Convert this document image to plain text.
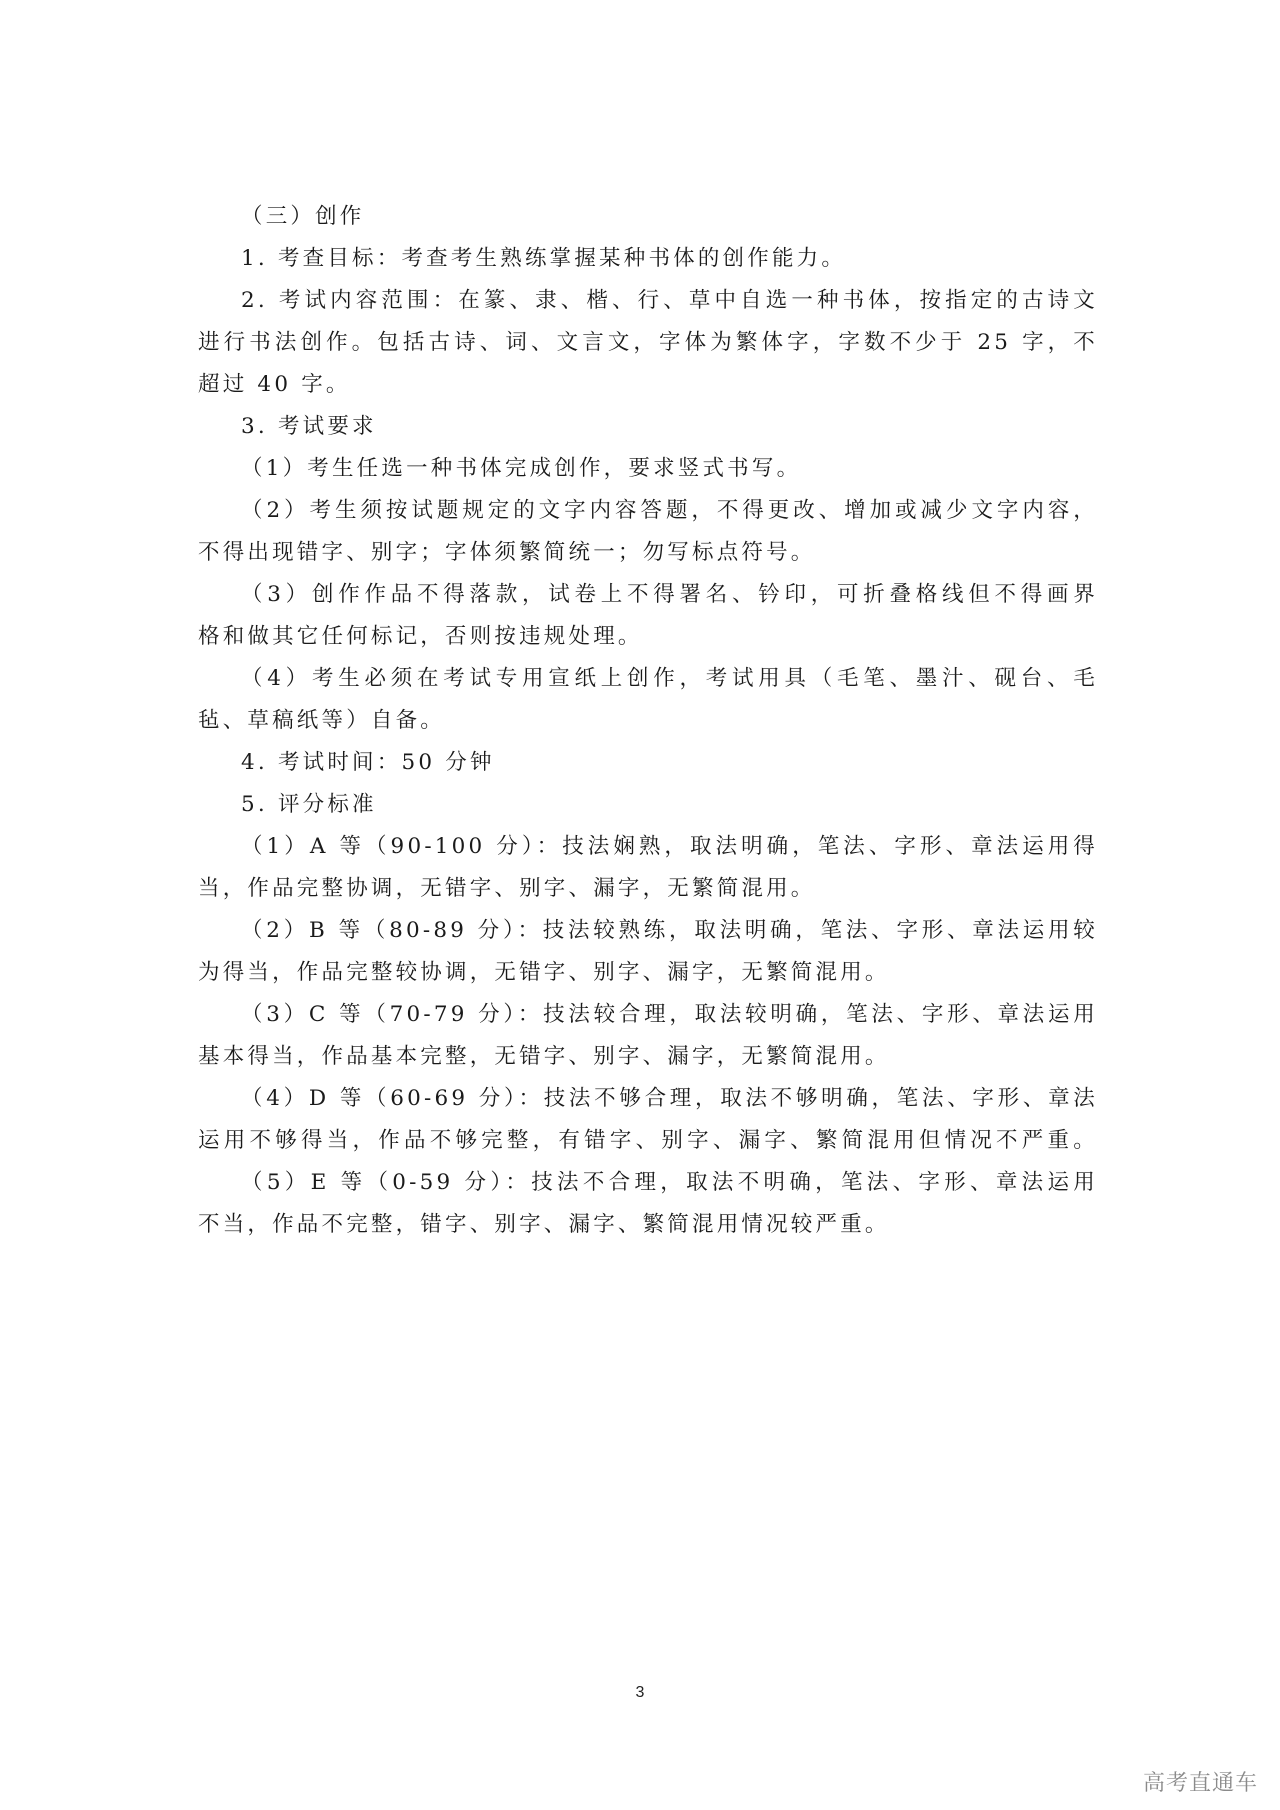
（三）创作
1. 考查目标：考查考生熟练掌握某种书体的创作能力。
2. 考试内容范围：在篆、隶、楷、行、草中自选一种书体，按指定的古诗文
进行书法创作。包括古诗、词、文言文，字体为繁体字，字数不少于 25 字，不
超过 40 字。
3. 考试要求
（1）考生任选一种书体完成创作，要求竖式书写。
（2）考生须按试题规定的文字内容答题，不得更改、增加或减少文字内容，
不得出现错字、别字；字体须繁简统一；勿写标点符号。
（3）创作作品不得落款，试卷上不得署名、钤印，可折叠格线但不得画界
格和做其它任何标记，否则按违规处理。
（4）考生必须在考试专用宣纸上创作，考试用具（毛笔、墨汁、砚台、毛
毡、草稿纸等）自备。
4. 考试时间：50 分钟
5. 评分标准
（1）A 等（90-100 分）：技法娴熟，取法明确，笔法、字形、章法运用得
当，作品完整协调，无错字、别字、漏字，无繁简混用。
（2）B 等（80-89 分）：技法较熟练，取法明确，笔法、字形、章法运用较
为得当，作品完整较协调，无错字、别字、漏字，无繁简混用。
（3）C 等（70-79 分）：技法较合理，取法较明确，笔法、字形、章法运用
基本得当，作品基本完整，无错字、别字、漏字，无繁简混用。
（4）D 等（60-69 分）：技法不够合理，取法不够明确，笔法、字形、章法
运用不够得当，作品不够完整，有错字、别字、漏字、繁简混用但情况不严重。
（5）E 等（0-59 分）：技法不合理，取法不明确，笔法、字形、章法运用
不当，作品不完整，错字、别字、漏字、繁简混用情况较严重。
3
高考直通车
